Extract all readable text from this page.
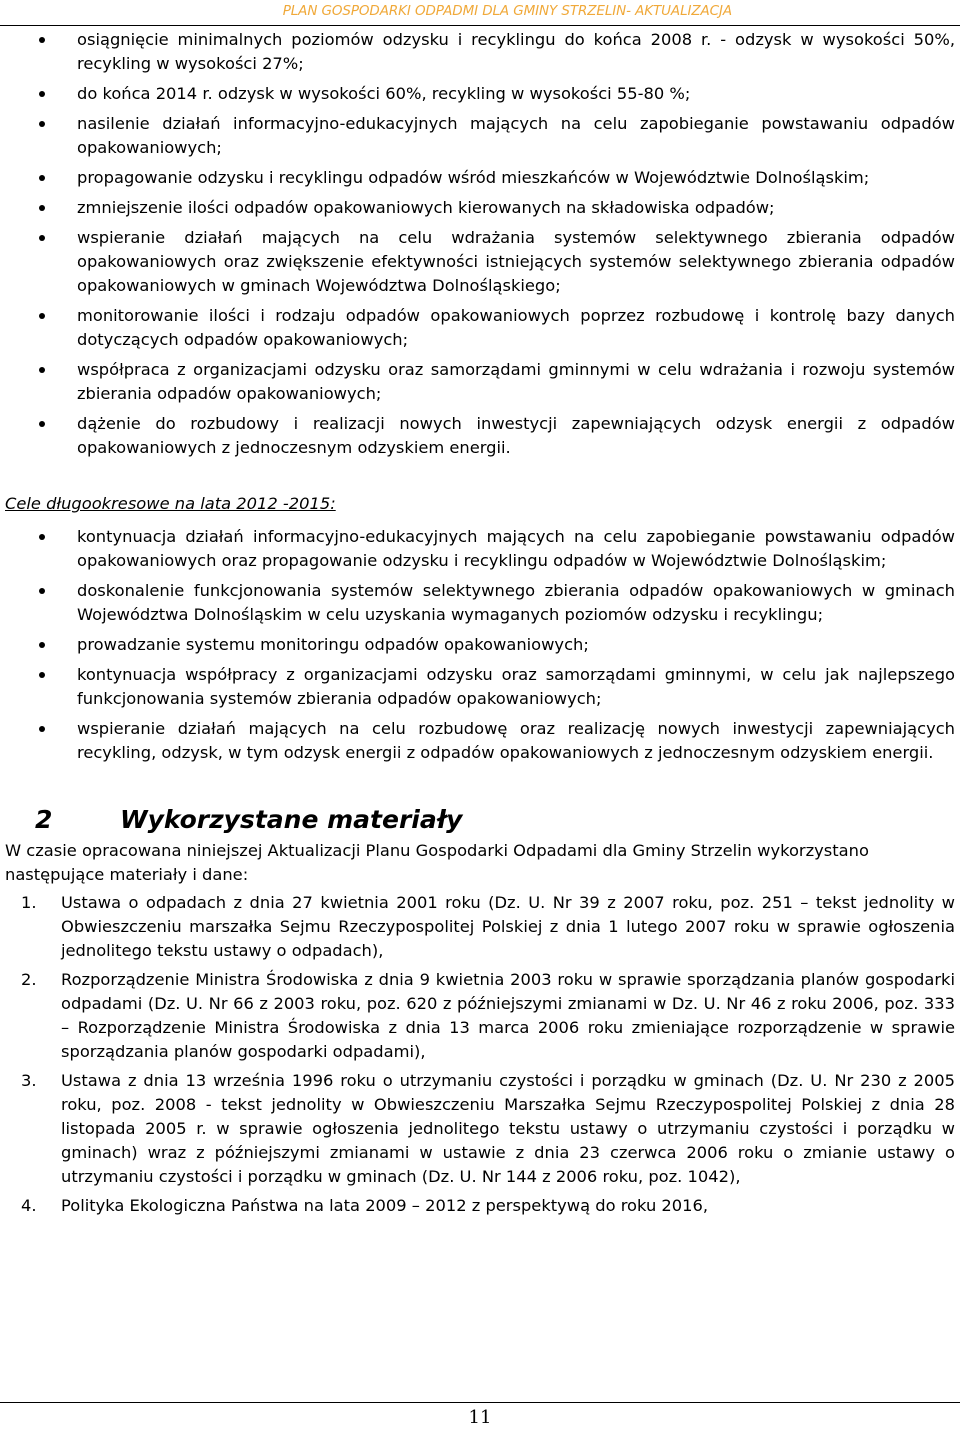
PLAN GOSPODARKI ODPADMI DLA GMINY STRZELIN- AKTUALIZACJA
osiągnięcie minimalnych poziomów odzysku i recyklingu do końca 2008 r. - odzysk w wysokości 50%, recykling w wysokości 27%;
do końca 2014 r. odzysk w wysokości 60%, recykling w wysokości 55-80 %;
nasilenie działań informacyjno-edukacyjnych mających na celu zapobieganie powstawaniu odpadów opakowaniowych;
propagowanie odzysku i recyklingu odpadów wśród mieszkańców w Województwie Dolnośląskim;
zmniejszenie ilości odpadów opakowaniowych kierowanych na składowiska odpadów;
wspieranie działań mających na celu wdrażania systemów selektywnego zbierania odpadów opakowaniowych oraz zwiększenie efektywności istniejących systemów selektywnego zbierania odpadów opakowaniowych w gminach Województwa Dolnośląskiego;
monitorowanie ilości i rodzaju odpadów opakowaniowych poprzez rozbudowę i kontrolę bazy danych dotyczących odpadów opakowaniowych;
współpraca z organizacjami odzysku oraz samorządami gminnymi w celu wdrażania i rozwoju systemów zbierania odpadów opakowaniowych;
dążenie do rozbudowy i realizacji nowych inwestycji zapewniających odzysk energii z odpadów opakowaniowych z jednoczesnym odzyskiem energii.
Cele długookresowe na lata 2012 -2015:
kontynuacja działań informacyjno-edukacyjnych mających na celu zapobieganie powstawaniu odpadów opakowaniowych oraz propagowanie odzysku i recyklingu odpadów w Województwie Dolnośląskim;
doskonalenie funkcjonowania systemów selektywnego zbierania odpadów opakowaniowych w gminach Województwa Dolnośląskim w celu uzyskania wymaganych poziomów odzysku i recyklingu;
prowadzanie systemu monitoringu odpadów opakowaniowych;
kontynuacja współpracy z organizacjami odzysku oraz samorządami gminnymi, w celu jak najlepszego funkcjonowania systemów zbierania odpadów opakowaniowych;
wspieranie działań mających na celu rozbudowę oraz realizację nowych inwestycji zapewniających recykling, odzysk, w tym odzysk energii z odpadów opakowaniowych z jednoczesnym odzyskiem energii.
2	Wykorzystane materiały
W czasie opracowana niniejszej Aktualizacji Planu Gospodarki Odpadami dla Gminy Strzelin wykorzystano następujące materiały i dane:
1. Ustawa o odpadach z dnia 27 kwietnia 2001 roku (Dz. U. Nr 39 z 2007 roku, poz. 251 – tekst jednolity w Obwieszczeniu marszałka Sejmu Rzeczypospolitej Polskiej z dnia 1 lutego 2007 roku w sprawie ogłoszenia jednolitego tekstu ustawy o odpadach),
2. Rozporządzenie Ministra Środowiska z dnia 9 kwietnia 2003 roku w sprawie sporządzania planów gospodarki odpadami (Dz. U. Nr 66 z 2003 roku, poz. 620 z późniejszymi zmianami w Dz. U. Nr 46 z roku 2006, poz. 333 – Rozporządzenie Ministra Środowiska z dnia 13 marca 2006 roku zmieniające rozporządzenie w sprawie sporządzania planów gospodarki odpadami),
3. Ustawa z dnia 13 września 1996 roku o utrzymaniu czystości i porządku w gminach (Dz. U. Nr 230 z 2005 roku, poz. 2008 - tekst jednolity w Obwieszczeniu Marszałka Sejmu Rzeczypospolitej Polskiej z dnia 28 listopada 2005 r. w sprawie ogłoszenia jednolitego tekstu ustawy o utrzymaniu czystości i porządku w gminach) wraz z późniejszymi zmianami w ustawie z dnia 23 czerwca 2006 roku o zmianie ustawy o utrzymaniu czystości i porządku w gminach (Dz. U. Nr 144 z 2006 roku, poz. 1042),
4. Polityka Ekologiczna Państwa na lata 2009 – 2012 z perspektywą do roku 2016,
11
